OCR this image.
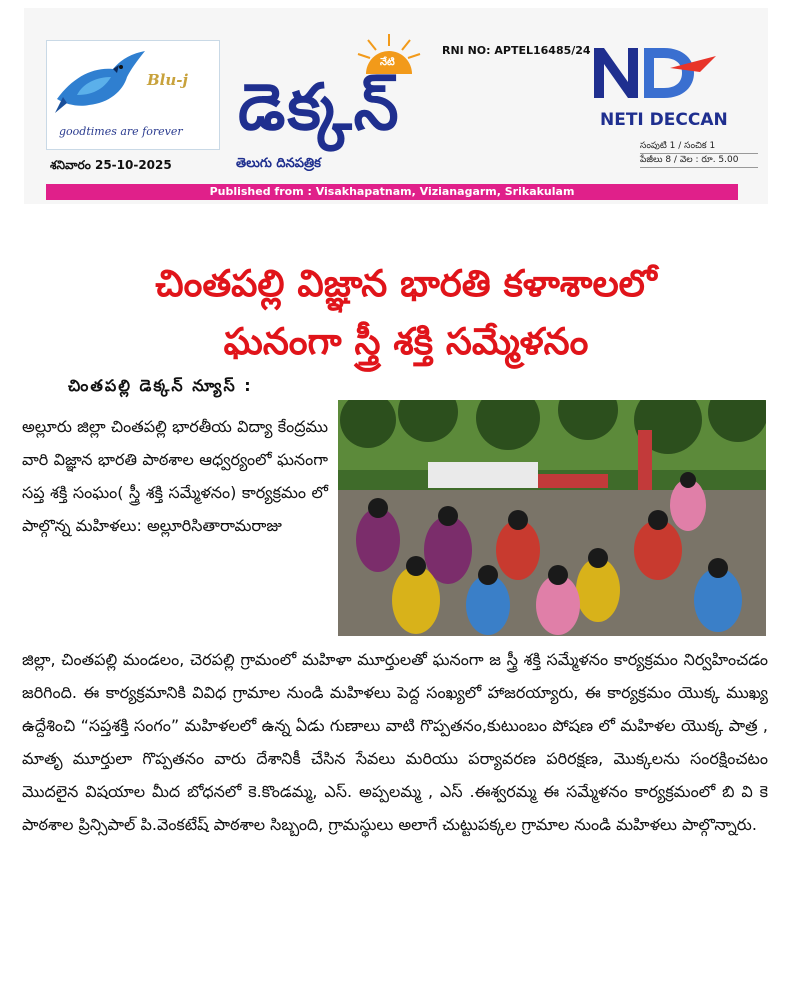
Blu-j
goodtimes are forever
శనివారం 25-10-2025
నేటి
డెక్కన్
తెలుగు దినపత్రిక
RNI NO: APTEL16485/24
NETI DECCAN
సంపుటి 1 / సంచిక 1
పేజీలు 8 / వెల : రూ. 5.00
Published from : Visakhapatnam, Vizianagarm, Srikakulam
చింతపల్లి విజ్ఞాన భారతి కళాశాలలో
ఘనంగా స్త్రీ శక్తి సమ్మేళనం
చింతపల్లి డెక్కన్ న్యూస్ :
అల్లూరు జిల్లా చింతపల్లి భారతీయ విద్యా కేంద్రము వారి విజ్ఞాన భారతి పాఠశాల ఆధ్వర్యంలో ఘనంగా సప్త శక్తి సంఘం( స్త్రీ శక్తి సమ్మేళనం) కార్యక్రమం లో పాల్గొన్న మహిళలు: అల్లూరిసితారామరాజు
జిల్లా, చింతపల్లి మండలం, చెరపల్లి గ్రామంలో మహిళా మూర్తులతో ఘనంగా జ స్త్రీ శక్తి సమ్మేళనం కార్యక్రమం నిర్వహించడం జరిగింది. ఈ కార్యక్రమానికి వివిధ గ్రామాల నుండి మహిళలు పెద్ద సంఖ్యలో హాజరయ్యారు, ఈ కార్యక్రమం యొక్క ముఖ్య ఉద్దేశించి “సప్తశక్తి సంగం” మహిళలలో ఉన్న ఏడు గుణాలు వాటి గొప్పతనం,కుటుంబం పోషణ లో మహిళల యొక్క పాత్ర , మాతృ మూర్తులా గొప్పతనం వారు దేశానికీ చేసిన సేవలు మరియు పర్యావరణ పరిరక్షణ, మొక్కలను సంరక్షించటం మొదలైన విషయాల మీద బోధనలో కె.కొండమ్మ, ఎస్. అప్పలమ్మ , ఎస్ .ఈశ్వరమ్మ ఈ సమ్మేళనం కార్యక్రమంలో బి వి కె పాఠశాల ప్రిన్సిపాల్ పి.వెంకటేష్ పాఠశాల సిబ్బంది, గ్రామస్థులు అలాగే చుట్టుపక్కల గ్రామాల నుండి మహిళలు పాల్గొన్నారు.
